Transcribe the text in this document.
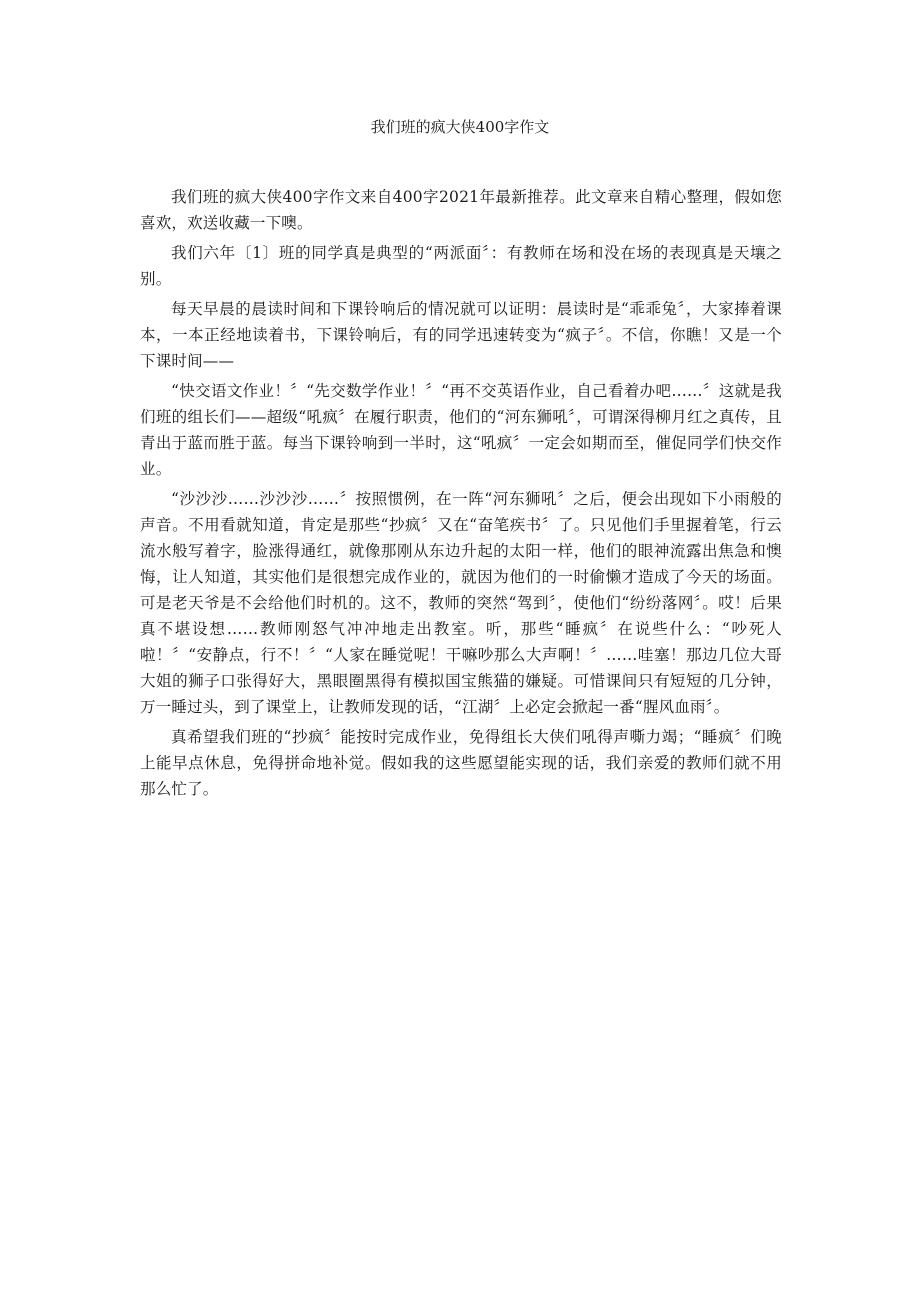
我们班的疯大侠400字作文

我们班的疯大侠400字作文来自400字2021年最新推荐。此文章来自精心整理，假如您喜欢，欢送收藏一下噢。

我们六年〔1〕班的同学真是典型的“两派面〞：有教师在场和没在场的表现真是天壤之别。

每天早晨的晨读时间和下课铃响后的情况就可以证明：晨读时是“乖乖兔〞，大家捧着课本，一本正经地读着书，下课铃响后，有的同学迅速转变为“疯子〞。不信，你瞧！又是一个下课时间——

“快交语文作业！〞“先交数学作业！〞“再不交英语作业，自己看着办吧……〞这就是我们班的组长们——超级“吼疯〞在履行职责，他们的“河东狮吼〞，可谓深得柳月红之真传，且青出于蓝而胜于蓝。每当下课铃响到一半时，这“吼疯〞一定会如期而至，催促同学们快交作业。

“沙沙沙……沙沙沙……〞按照惯例，在一阵“河东狮吼〞之后，便会出现如下小雨般的声音。不用看就知道，肯定是那些“抄疯〞又在“奋笔疾书〞了。只见他们手里握着笔，行云流水般写着字，脸涨得通红，就像那刚从东边升起的太阳一样，他们的眼神流露出焦急和懊悔，让人知道，其实他们是很想完成作业的，就因为他们的一时偷懒才造成了今天的场面。可是老天爷是不会给他们时机的。这不，教师的突然“驾到〞，使他们“纷纷落网〞。哎！后果真不堪设想……教师刚怒气冲冲地走出教室。听，那些“睡疯〞在说些什么：“吵死人啦！〞“安静点，行不！〞“人家在睡觉呢！干嘛吵那么大声啊！〞……哇塞！那边几位大哥大姐的狮子口张得好大，黑眼圈黑得有模拟国宝熊猫的嫌疑。可惜课间只有短短的几分钟，万一睡过头，到了课堂上，让教师发现的话，“江湖〞上必定会掀起一番“腥风血雨〞。

真希望我们班的“抄疯〞能按时完成作业，免得组长大侠们吼得声嘶力竭；“睡疯〞们晚上能早点休息，免得拼命地补觉。假如我的这些愿望能实现的话，我们亲爱的教师们就不用那么忙了。
